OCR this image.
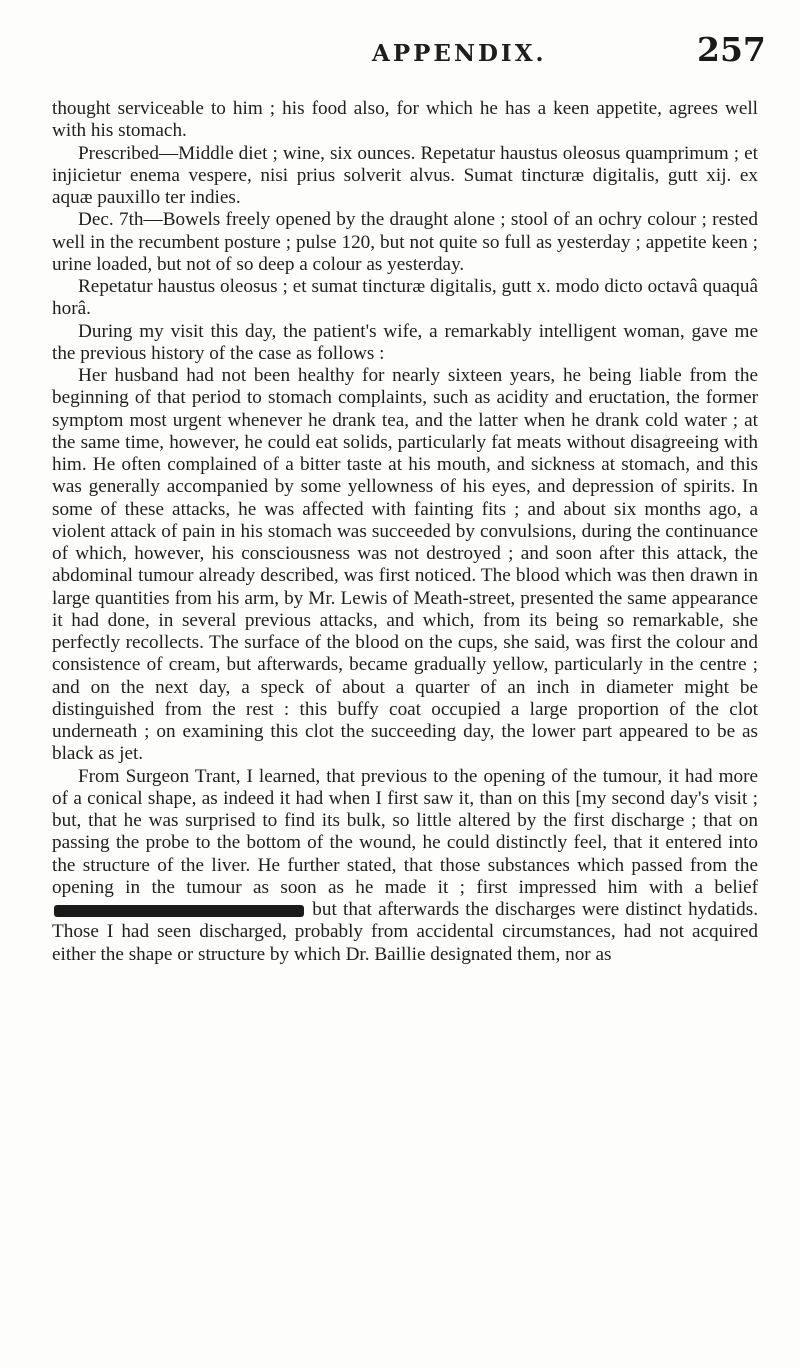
APPENDIX.	257

thought serviceable to him ; his food also, for which he has a keen appetite, agrees well with his stomach.

Prescribed—Middle diet ; wine, six ounces. Repetatur haustus oleosus quamprimum ; et injicietur enema vespere, nisi prius solverit alvus. Sumat tincturæ digitalis, gutt xij. ex aquæ pauxillo ter indies.

Dec. 7th—Bowels freely opened by the draught alone ; stool of an ochry colour ; rested well in the recumbent posture ; pulse 120, but not quite so full as yesterday ; appetite keen ; urine loaded, but not of so deep a colour as yesterday.

Repetatur haustus oleosus ; et sumat tincturæ digitalis, gutt x. modo dicto octavâ quaquâ horâ.

During my visit this day, the patient's wife, a remarkably intelligent woman, gave me the previous history of the case as follows :

Her husband had not been healthy for nearly sixteen years, he being liable from the beginning of that period to stomach complaints, such as acidity and eructation, the former symptom most urgent whenever he drank tea, and the latter when he drank cold water ; at the same time, however, he could eat solids, particularly fat meats without disagreeing with him. He often complained of a bitter taste at his mouth, and sickness at stomach, and this was generally accompanied by some yellowness of his eyes, and depression of spirits. In some of these attacks, he was affected with fainting fits ; and about six months ago, a violent attack of pain in his stomach was succeeded by convulsions, during the continuance of which, however, his consciousness was not destroyed ; and soon after this attack, the abdominal tumour already described, was first noticed. The blood which was then drawn in large quantities from his arm, by Mr. Lewis of Meath-street, presented the same appearance it had done, in several previous attacks, and which, from its being so remarkable, she perfectly recollects. The surface of the blood on the cups, she said, was first the colour and consistence of cream, but afterwards, became gradually yellow, particularly in the centre ; and on the next day, a speck of about a quarter of an inch in diameter might be distinguished from the rest : this buffy coat occupied a large proportion of the clot underneath ; on examining this clot the succeeding day, the lower part appeared to be as black as jet.

From Surgeon Trant, I learned, that previous to the opening of the tumour, it had more of a conical shape, as indeed it had when I first saw it, than on this [my second day's visit ; but, that he was surprised to find its bulk, so little altered by the first discharge ; that on passing the probe to the bottom of the wound, he could distinctly feel, that it entered into the structure of the liver. He further stated, that those substances which passed from the opening in the tumour as soon as he made it ; first impressed him with a belief  but that afterwards the discharges were distinct hydatids. Those I had seen discharged, probably from accidental circumstances, had not acquired either the shape or structure by which Dr. Baillie designated them, nor as
